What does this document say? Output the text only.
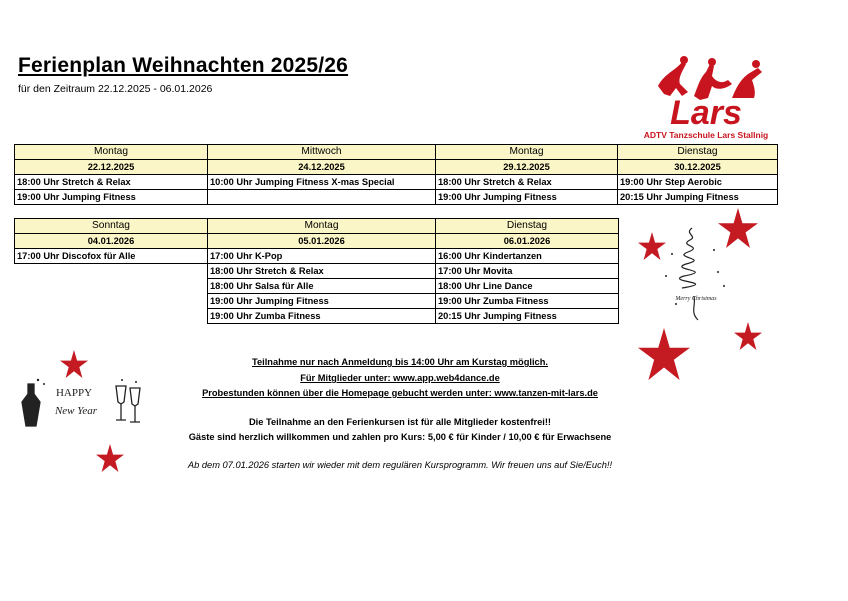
Ferienplan Weihnachten 2025/26
für den Zeitraum 22.12.2025 - 06.01.2026
Lars
ADTV Tanzschule Lars Stallnig
Montag	Mittwoch	Montag	Dienstag
22.12.2025	24.12.2025	29.12.2025	30.12.2025
18:00 Uhr Stretch & Relax	10:00 Uhr Jumping Fitness X-mas Special	18:00 Uhr Stretch & Relax	19:00 Uhr Step Aerobic
19:00 Uhr Jumping Fitness		19:00 Uhr Jumping Fitness	20:15 Uhr Jumping Fitness
Sonntag	Montag	Dienstag
04.01.2026	05.01.2026	06.01.2026
17:00 Uhr Discofox für Alle	17:00 Uhr K-Pop	16:00 Uhr Kindertanzen
	18:00 Uhr Stretch & Relax	17:00 Uhr Movita
	18:00 Uhr Salsa für Alle	18:00 Uhr Line Dance
	19:00 Uhr Jumping Fitness	19:00 Uhr Zumba Fitness
	19:00 Uhr Zumba Fitness	20:15 Uhr Jumping Fitness
Teilnahme nur nach Anmeldung bis 14:00 Uhr am Kurstag möglich.
Für Mitglieder unter: www.app.web4dance.de
Probestunden können über die Homepage gebucht werden unter: www.tanzen-mit-lars.de
Die Teilnahme an den Ferienkursen ist für alle Mitglieder kostenfrei!!
Gäste sind herzlich willkommen und zahlen pro Kurs: 5,00 € für Kinder / 10,00 € für Erwachsene
Ab dem 07.01.2026 starten wir wieder mit dem regulären Kursprogramm. Wir freuen uns auf Sie/Euch!!
Merry Christmas
HAPPY
New Year
